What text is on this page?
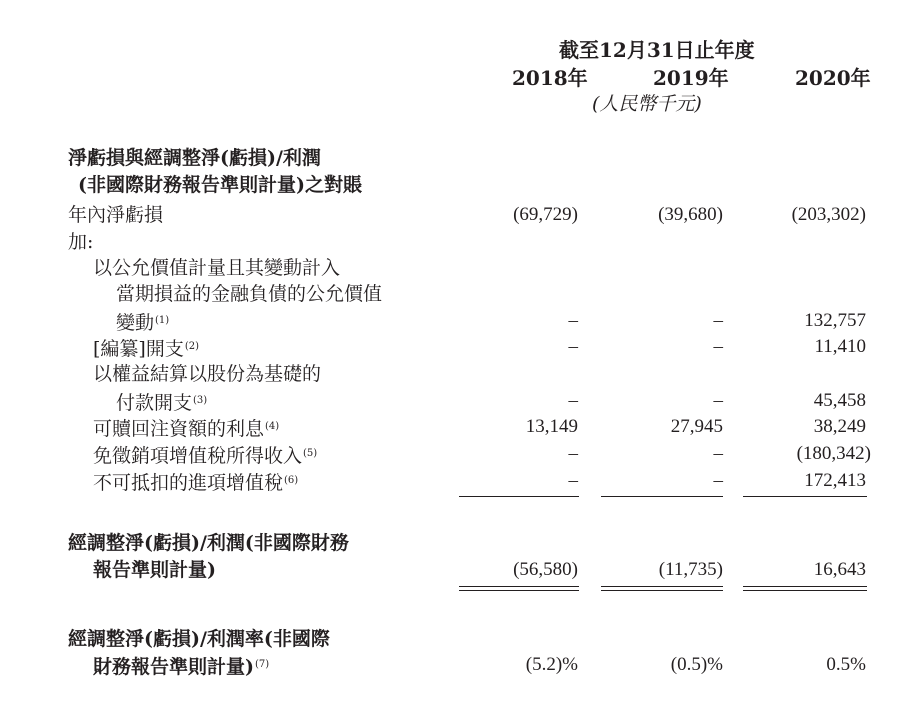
截至12月31日止年度
2018年	2019年	2020年
(人民幣千元)
淨虧損與經調整淨(虧損)/利潤
(非國際財務報告準則計量)之對賬
年內淨虧損	(69,729)	(39,680)	(203,302)
加:
以公允價值計量且其變動計入
當期損益的金融負債的公允價值
變動$^{(1)}$	–	–	132,757
[編纂]開支$^{(2)}$	–	–	11,410
以權益結算以股份為基礎的
付款開支$^{(3)}$	–	–	45,458
可贖回注資額的利息$^{(4)}$	13,149	27,945	38,249
免徵銷項增值稅所得收入$^{(5)}$	–	–	(180,342)
不可抵扣的進項增值稅$^{(6)}$	–	–	172,413
經調整淨(虧損)/利潤(非國際財務
報告準則計量)	(56,580)	(11,735)	16,643
經調整淨(虧損)/利潤率(非國際
財務報告準則計量)$^{(7)}$	(5.2)%	(0.5)%	0.5%
